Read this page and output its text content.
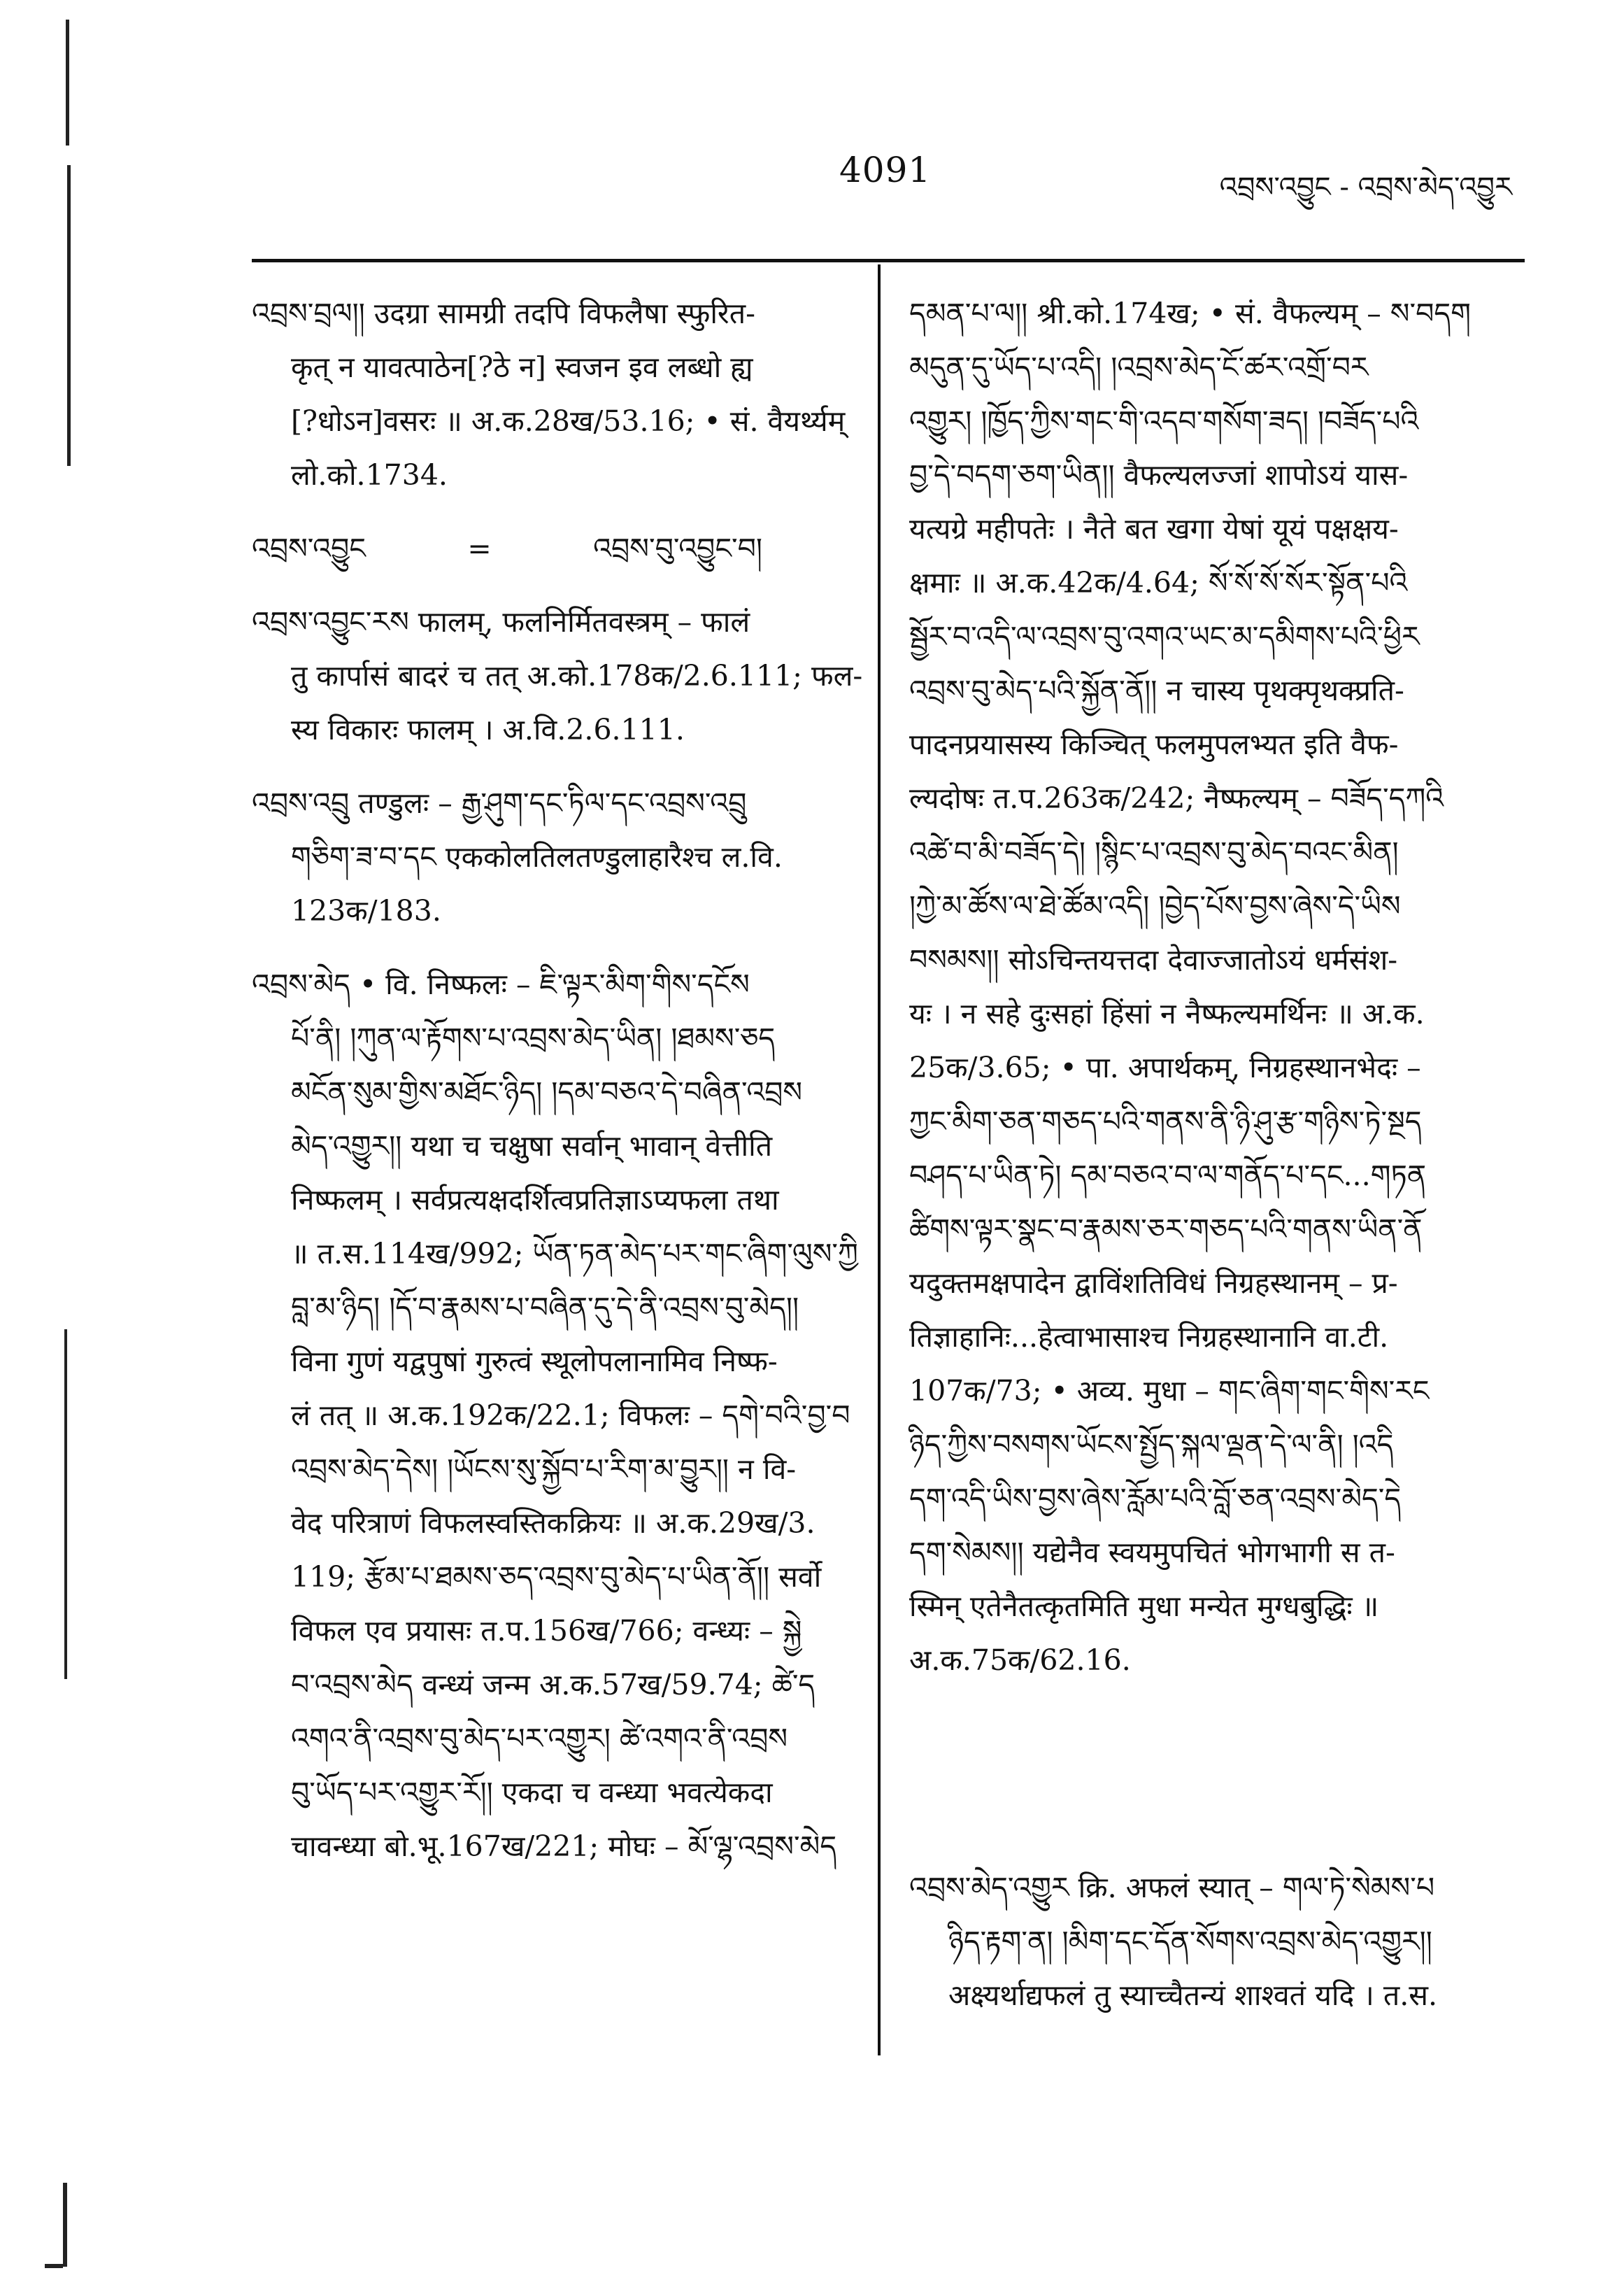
4091	འབྲས་འབྱུང - འབྲས་མེད་འབྱུར
འབྲས་བྲལ།། उदग्रा सामग्री तदपि विफलैषा स्फुरित-
कृत् न यावत्पाठेन[?ठे न] स्वजन इव लब्धो ह्य
[?धोऽन]वसरः ॥ अ.क.28ख/53.16; • सं. वैयर्थ्यम्
लो.को.1734.
འབྲས་འབྱུང	=	འབྲས་བུ་འབྱུང་བ།
འབྲས་འབྱུང་རས फालम्, फलनिर्मितवस्त्रम् – फालं
तु कार्पासं बादरं च तत् अ.को.178क/2.6.111; फल-
स्य विकारः फालम् । अ.वि.2.6.111.
འབྲས་འབྲུ तण्डुलः – རྒྱ་ཤུག་དང་ཏིལ་དང་འབྲས་འབྲུ
གཅིག་ཟ་བ་དང एककोलतिलतण्डुलाहारैश्च ल.वि.
123क/183.
འབྲས་མེད • वि. निष्फलः – ཇི་ལྟར་མིག་གིས་དངོས
པོ་ནི། །ཀུན་ལ་རྟོགས་པ་འབྲས་མེད་ཡིན། །ཐམས་ཅད
མངོན་སུམ་གྱིས་མཐོང་ཉིད། །དམ་བཅའ་དེ་བཞིན་འབྲས
མེད་འགྱུར།། यथा च चक्षुषा सर्वान् भावान् वेत्तीति
निष्फलम् । सर्वप्रत्यक्षदर्शित्वप्रतिज्ञाऽप्यफला तथा
॥ त.स.114ख/992; ཡོན་ཏན་མེད་པར་གང་ཞིག་ལུས་ཀྱི
བླ་མ་ཉིད། །དོ་བ་རྣམས་པ་བཞིན་དུ་དེ་ནི་འབྲས་བུ་མེད།།
विना गुणं यद्वपुषां गुरुत्वं स्थूलोपलानामिव निष्फ-
लं तत् ॥ अ.क.192क/22.1; विफलः – དགེ་བའི་བྱ་བ
འབྲས་མེད་དེས། །ཡོངས་སུ་སྐྱོབ་པ་རིག་མ་བྱུར།། न वि-
वेद परित्राणं विफलस्वस्तिकक्रियः ॥ अ.क.29ख/3.
119; རྩོམ་པ་ཐམས་ཅད་འབྲས་བུ་མེད་པ་ཡིན་ནོ།། सर्वो
विफल एव प्रयासः त.प.156ख/766; वन्ध्यः – སྐྱེ
བ་འབྲས་མེད वन्ध्यं जन्म अ.क.57ख/59.74; ཚེ་ད
འགའ་ནི་འབྲས་བུ་མེད་པར་འགྱུར། ཚེ་འགའ་ནི་འབྲས
བུ་ཡོད་པར་འགྱུར་རོ།། एकदा च वन्ध्या भवत्येकदा
चावन्ध्या बो.भू.167ख/221; मोघः – མོ་ལྷ་འབྲས་མེད
དམན་པ་ལ།། श्री.को.174ख; • सं. वैफल्यम् – ས་བདག
མདུན་དུ་ཡོད་པ་འདི། །འབྲས་མེད་ངོ་ཚར་འགྲོ་བར
འགྱུར། །ཁྱོད་ཀྱིས་གང་གི་འདབ་གསོག་ཟད། །བཟོད་པའི
བྱ་དེ་བདག་ཅག་ཡིན།། वैफल्यलज्जां शापोऽयं यास-
यत्यग्रे महीपतेः । नैते बत खगा येषां यूयं पक्षक्षय-
क्षमाः ॥ अ.क.42क/4.64; སོ་སོ་སོ་སོར་སྟོན་པའི
སྦྱོར་བ་འདི་ལ་འབྲས་བུ་འགའ་ཡང་མ་དམིགས་པའི་ཕྱིར
འབྲས་བུ་མེད་པའི་སྐྱོན་ནོ།། न चास्य पृथक्पृथक्प्रति-
पादनप्रयासस्य किञ्चित् फलमुपलभ्यत इति वैफ-
ल्यदोषः त.प.263क/242; नैष्फल्यम् – བཟོད་དཀའི
འཚེ་བ་མི་བཟོད་དེ། །སྙིང་པ་འབྲས་བུ་མེད་བའང་མིན།
།ཀྱེ་མ་ཚོས་ལ་ཐེ་ཚོམ་འདི། །བྱེད་པོས་བྱས་ཞེས་དེ་ཡིས
བསམས།། सोऽचिन्तयत्तदा देवाज्जातोऽयं धर्मसंश-
यः । न सहे दुःसहां हिंसां न नैष्फल्यमर्थिनः ॥ अ.क.
25क/3.65; • पा. अपार्थकम्, निग्रहस्थानभेदः –
ཀྱང་མིག་ཅན་གཅད་པའི་གནས་ནི་ཉི་ཤུ་རྩ་གཉིས་ཏེ་སྔད
བཤད་པ་ཡིན་ཏེ། དམ་བཅའ་བ་ལ་གནོད་པ་དང...གཏན
ཚིགས་ལྟར་སྣང་བ་རྣམས་ཅར་གཅད་པའི་གནས་ཡིན་ནོ
यदुक्तमक्षपादेन द्वाविंशतिविधं निग्रहस्थानम् – प्र-
तिज्ञाहानिः...हेत्वाभासाश्च निग्रहस्थानानि वा.टी.
107क/73; • अव्य. मुधा – གང་ཞིག་གང་གིས་རང
ཉིད་ཀྱིས་བསགས་ཡོངས་སྤྱོད་སྐལ་ལྡན་དེ་ལ་ནི། །འདི
དག་འདི་ཡིས་བྱས་ཞེས་རློམ་པའི་བློ་ཅན་འབྲས་མེད་དེ
དག་སེམས།། यद्येनैव स्वयमुपचितं भोगभागी स त-
स्मिन् एतेनैतत्कृतमिति मुधा मन्येत मुग्धबुद्धिः ॥
अ.क.75क/62.16.
འབྲས་མེད་འགྱུར क्रि. अफलं स्यात् – གལ་ཏེ་སེམས་པ
ཉིད་རྟག་ན། །མིག་དང་དོན་སོགས་འབྲས་མེད་འགྱུར།།
अक्ष्यर्थाद्यफलं तु स्याच्चैतन्यं शाश्वतं यदि । त.स.
